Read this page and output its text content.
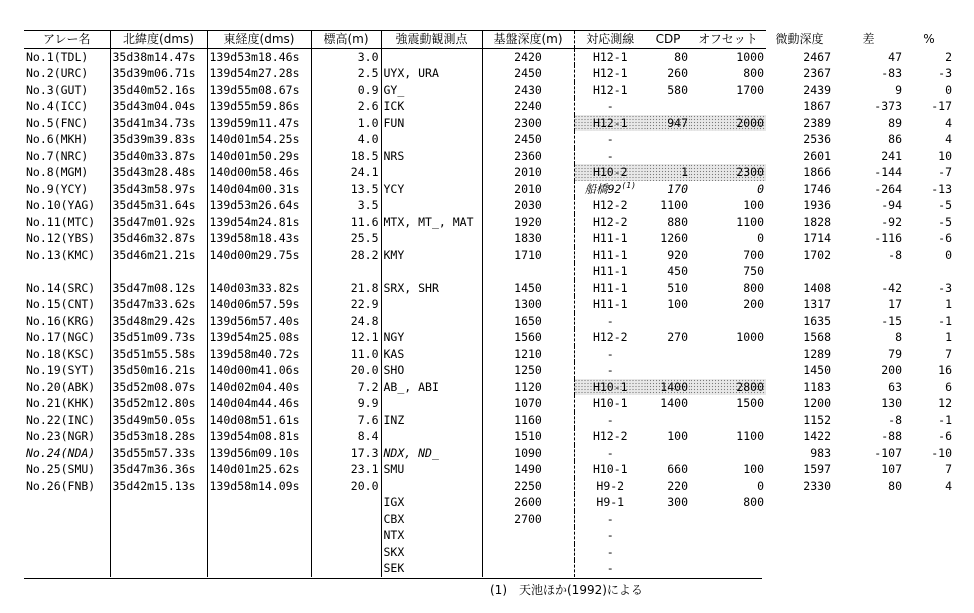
アレー名	北緯度(dms)	東経度(dms)	標高(m)	強震動観測点	基盤深度(m)	対応測線	CDP	オフセット	微動深度	差	%
No.1(TDL)	35d38m14.47s	139d53m18.46s	3.0		2420	H12-1	80	1000	2467	47	2
No.2(URC)	35d39m06.71s	139d54m27.28s	2.5	UYX, URA	2450	H12-1	260	800	2367	-83	-3
No.3(GUT)	35d40m52.16s	139d55m08.67s	0.9	GY_	2430	H12-1	580	1700	2439	9	0
No.4(ICC)	35d43m04.04s	139d55m59.86s	2.6	ICK	2240	-			1867	-373	-17
No.5(FNC)	35d41m34.73s	139d59m11.47s	1.0	FUN	2300	H12-1	947	2000	2389	89	4
No.6(MKH)	35d39m39.83s	140d01m54.25s	4.0		2450	-			2536	86	4
No.7(NRC)	35d40m33.87s	140d01m50.29s	18.5	NRS	2360	-			2601	241	10
No.8(MGM)	35d43m28.48s	140d00m58.46s	24.1		2010	H10-2	1	2300	1866	-144	-7
No.9(YCY)	35d43m58.97s	140d04m00.31s	13.5	YCY	2010	船橋92$^{(1)}$	170	0	1746	-264	-13
No.10(YAG)	35d45m31.64s	139d53m26.64s	3.5		2030	H12-2	1100	100	1936	-94	-5
No.11(MTC)	35d47m01.92s	139d54m24.81s	11.6	MTX, MT_, MAT	1920	H12-2	880	1100	1828	-92	-5
No.12(YBS)	35d46m32.87s	139d58m18.43s	25.5		1830	H11-1	1260	0	1714	-116	-6
No.13(KMC)	35d46m21.21s	140d00m29.75s	28.2	KMY	1710	H11-1	920	700	1702	-8	0
						H11-1	450	750			
No.14(SRC)	35d47m08.12s	140d03m33.82s	21.8	SRX, SHR	1450	H11-1	510	800	1408	-42	-3
No.15(CNT)	35d47m33.62s	140d06m57.59s	22.9		1300	H11-1	100	200	1317	17	1
No.16(KRG)	35d48m29.42s	139d56m57.40s	24.8		1650	-			1635	-15	-1
No.17(NGC)	35d51m09.73s	139d54m25.08s	12.1	NGY	1560	H12-2	270	1000	1568	8	1
No.18(KSC)	35d51m55.58s	139d58m40.72s	11.0	KAS	1210	-			1289	79	7
No.19(SYT)	35d50m16.21s	140d00m41.06s	20.0	SHO	1250	-			1450	200	16
No.20(ABK)	35d52m08.07s	140d02m04.40s	7.2	AB_, ABI	1120	H10-1	1400	2800	1183	63	6
No.21(KHK)	35d52m12.80s	140d04m44.46s	9.9		1070	H10-1	1400	1500	1200	130	12
No.22(INC)	35d49m50.05s	140d08m51.61s	7.6	INZ	1160	-			1152	-8	-1
No.23(NGR)	35d53m18.28s	139d54m08.81s	8.4		1510	H12-2	100	1100	1422	-88	-6
No.24(NDA)	35d55m57.33s	139d56m09.10s	17.3	NDX, ND_	1090	-			983	-107	-10
No.25(SMU)	35d47m36.36s	140d01m25.62s	23.1	SMU	1490	H10-1	660	100	1597	107	7
No.26(FNB)	35d42m15.13s	139d58m14.09s	20.0		2250	H9-2	220	0	2330	80	4
				IGX	2600	H9-1	300	800			
				CBX	2700	-					
				NTX		-					
				SKX		-					
				SEK		-					
(1)　天池ほか(1992)による
